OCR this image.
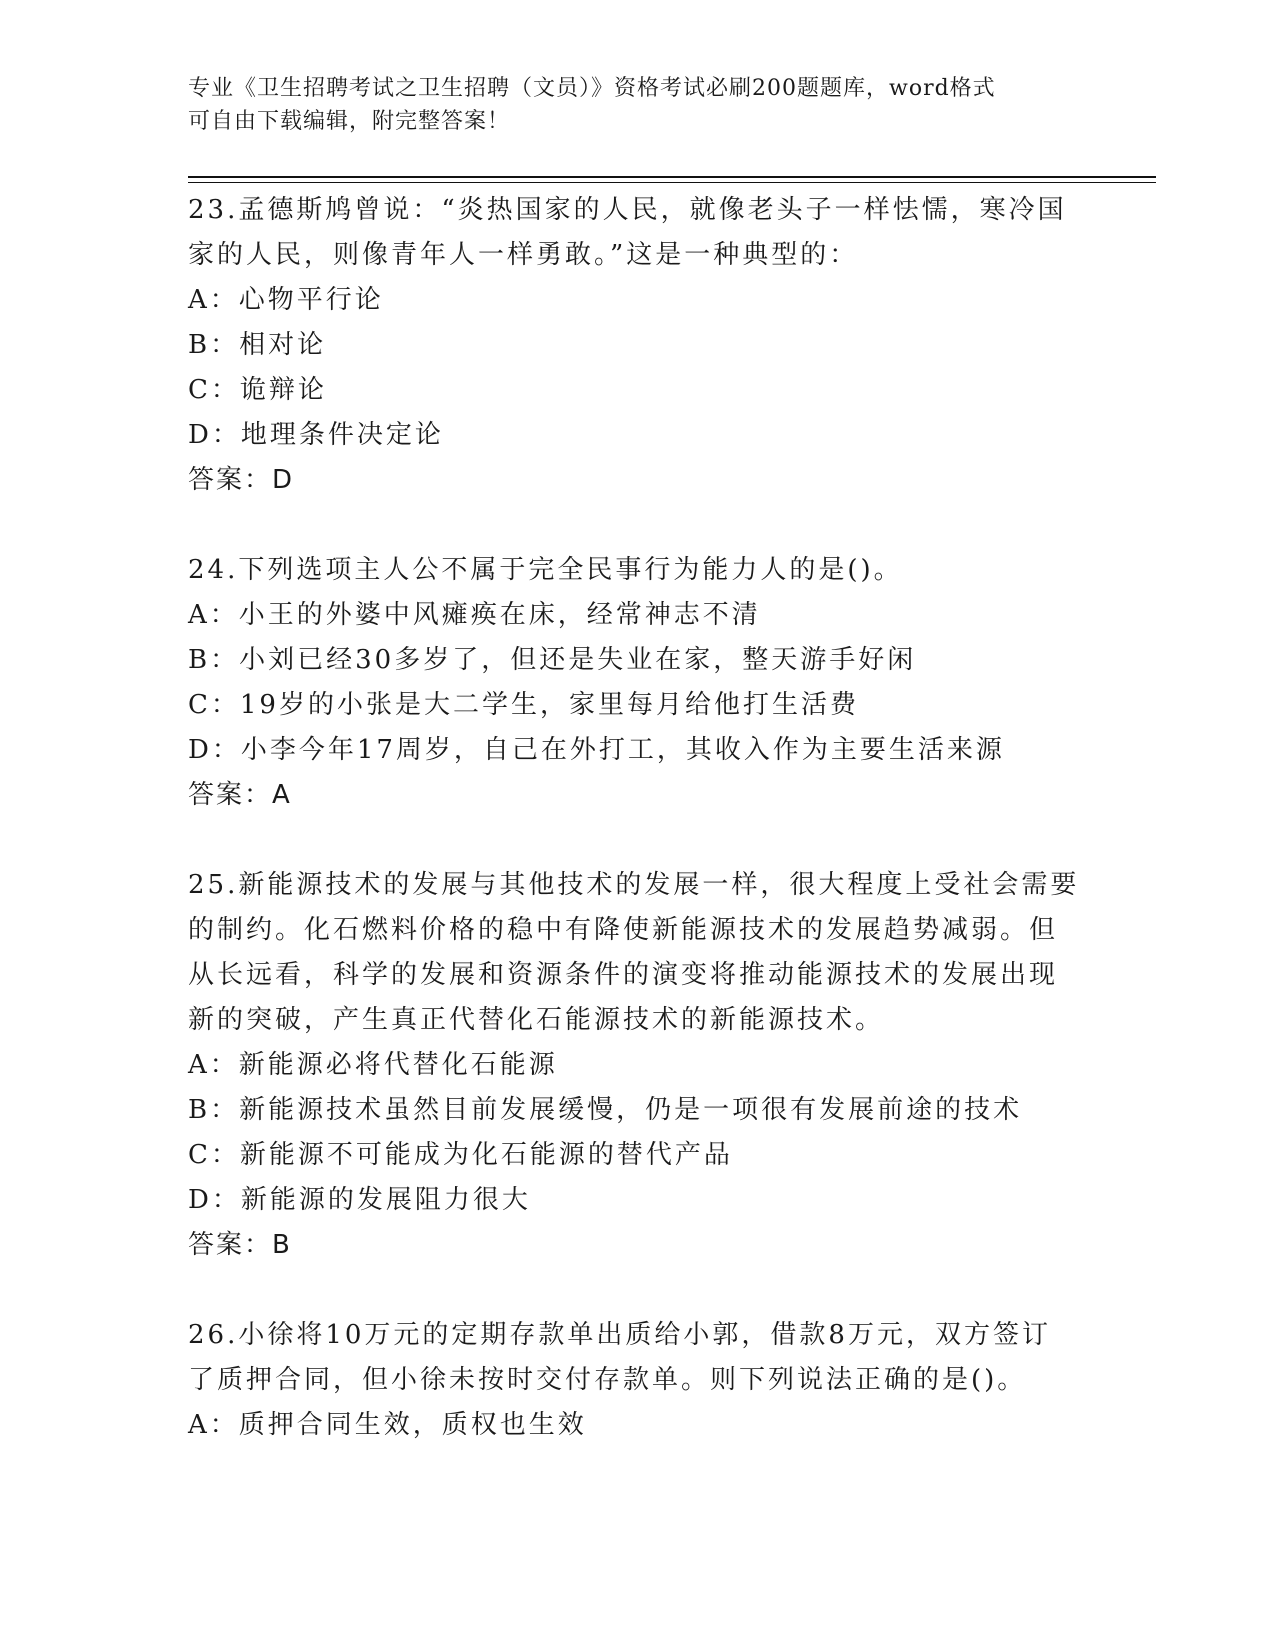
专业《卫生招聘考试之卫生招聘（文员）》资格考试必刷200题题库，word格式
可自由下载编辑，附完整答案！

23.孟德斯鸠曾说：“炎热国家的人民，就像老头子一样怯懦，寒冷国

家的人民，则像青年人一样勇敢。”这是一种典型的：

A：心物平行论

B：相对论

C：诡辩论

D：地理条件决定论

答案：D

24.下列选项主人公不属于完全民事行为能力人的是()。

A：小王的外婆中风瘫痪在床，经常神志不清

B：小刘已经30多岁了，但还是失业在家，整天游手好闲

C：19岁的小张是大二学生，家里每月给他打生活费

D：小李今年17周岁，自己在外打工，其收入作为主要生活来源

答案：A

25.新能源技术的发展与其他技术的发展一样，很大程度上受社会需要

的制约。化石燃料价格的稳中有降使新能源技术的发展趋势减弱。但

从长远看，科学的发展和资源条件的演变将推动能源技术的发展出现

新的突破，产生真正代替化石能源技术的新能源技术。

A：新能源必将代替化石能源

B：新能源技术虽然目前发展缓慢，仍是一项很有发展前途的技术

C：新能源不可能成为化石能源的替代产品

D：新能源的发展阻力很大

答案：B

26.小徐将10万元的定期存款单出质给小郭，借款8万元，双方签订

了质押合同，但小徐未按时交付存款单。则下列说法正确的是()。

A：质押合同生效，质权也生效
